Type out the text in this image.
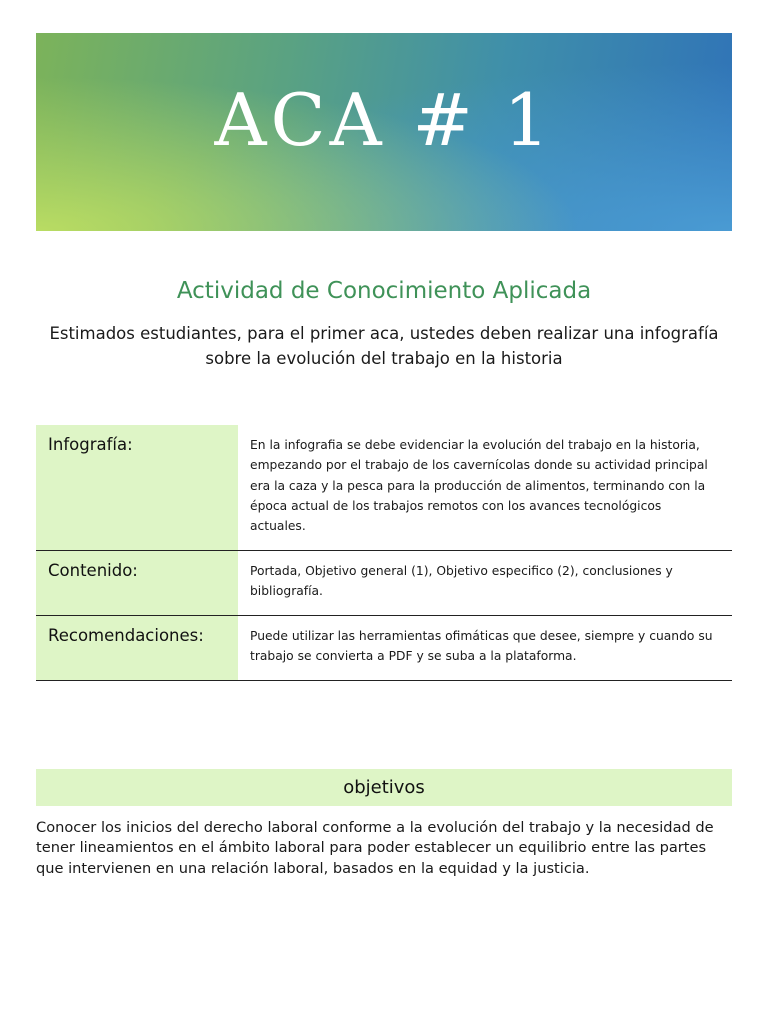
ACA # 1
Actividad de Conocimiento Aplicada
Estimados estudiantes, para el primer aca, ustedes deben realizar una infografía sobre la evolución del trabajo en la historia
Infografía:	En la infografia se debe evidenciar la evolución del trabajo en la historia, empezando por el trabajo de los cavernícolas donde su actividad principal era la caza y la pesca para la producción de alimentos, terminando con la época actual de los trabajos remotos con los avances tecnológicos actuales.
Contenido:	Portada, Objetivo general (1), Objetivo especifico (2), conclusiones y bibliografía.
Recomendaciones:	Puede utilizar las herramientas ofimáticas que desee, siempre y cuando su trabajo se convierta a PDF y se suba a la plataforma.
objetivos
Conocer los inicios del derecho laboral conforme a la evolución del trabajo y la necesidad de tener lineamientos en el ámbito laboral para poder establecer un equilibrio entre las partes que intervienen en una relación laboral, basados en la equidad y la justicia.
